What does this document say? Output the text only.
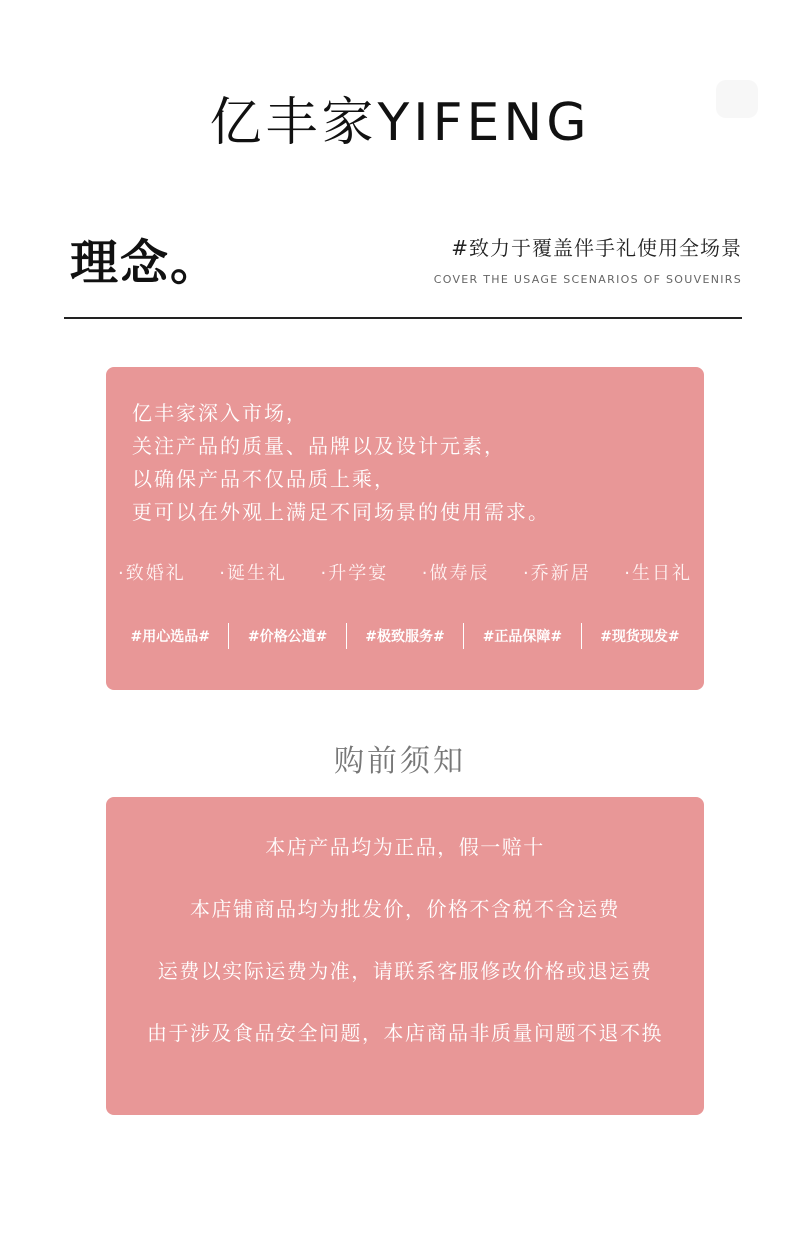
亿丰家YIFENG
理念。	#致力于覆盖伴手礼使用全场景
COVER THE USAGE SCENARIOS OF SOUVENIRS
亿丰家深入市场，
关注产品的质量、品牌以及设计元素，
以确保产品不仅品质上乘，
更可以在外观上满足不同场景的使用需求。
·致婚礼 ·诞生礼 ·升学宴 ·做寿辰 ·乔新居 ·生日礼
#用心选品#	#价格公道#	#极致服务#	#正品保障#	#现货现发#
购前须知
本店产品均为正品，假一赔十
本店铺商品均为批发价，价格不含税不含运费
运费以实际运费为准，请联系客服修改价格或退运费
由于涉及食品安全问题，本店商品非质量问题不退不换
